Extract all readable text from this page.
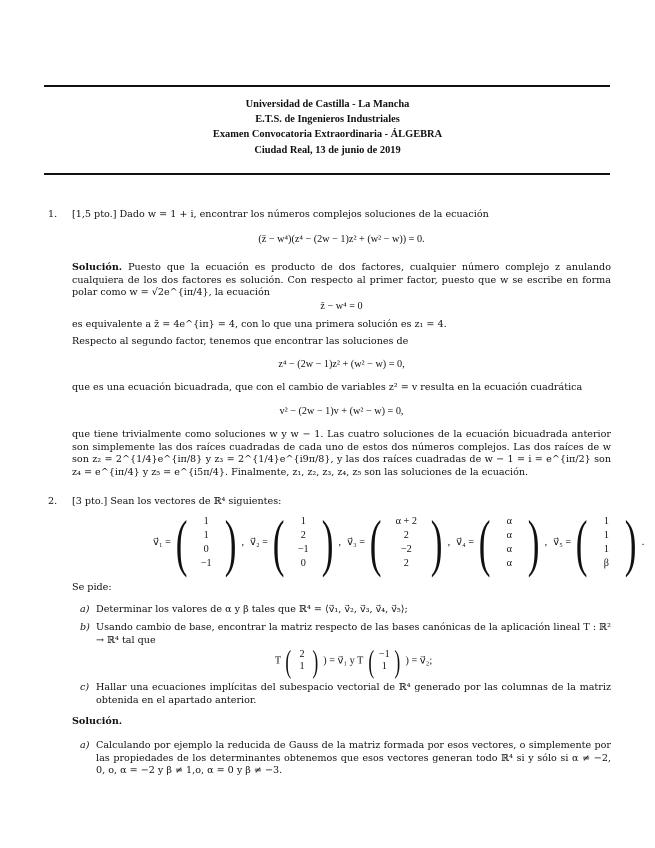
Universidad de Castilla - La Mancha
E.T.S. de Ingenieros Industriales
Examen Convocatoria Extraordinaria - ÁLGEBRA
Ciudad Real, 13 de junio de 2019
1. [1,5 pto.] Dado w = 1 + i, encontrar los números complejos soluciones de la ecuación
(z̄ − w⁴)(z⁴ − (2w − 1)z² + (w² − w)) = 0.
Solución. Puesto que la ecuación es producto de dos factores, cualquier número complejo z anulando cualquiera de los dos factores es solución. Con respecto al primer factor, puesto que w se escribe en forma polar como w = √2e^{iπ/4}, la ecuación
z̄ − w⁴ = 0
es equivalente a z̄ = 4e^{iπ} = 4, con lo que una primera solución es z₁ = 4.
Respecto al segundo factor, tenemos que encontrar las soluciones de
z⁴ − (2w − 1)z² + (w² − w) = 0,
que es una ecuación bicuadrada, que con el cambio de variables z² = v resulta en la ecuación cuadrática
v² − (2w − 1)v + (w² − w) = 0,
que tiene trivialmente como soluciones w y w − 1. Las cuatro soluciones de la ecuación bicuadrada anterior son simplemente las dos raíces cuadradas de cada uno de estos dos números complejos. Las dos raíces de w son z₂ = 2^{1/4}e^{iπ/8} y z₃ = 2^{1/4}e^{i9π/8}, y las dos raíces cuadradas de w − 1 = i = e^{iπ/2} son z₄ = e^{iπ/4} y z₅ = e^{i5π/4}. Finalmente, z₁, z₂, z₃, z₄, z₅ son las soluciones de la ecuación.
2. [3 pto.] Sean los vectores de ℝ⁴ siguientes:
v⃗₁ = ( 1
1
0
−1 ) , v⃗₂ = ( 1
2
−1
0 ) , v⃗₃ = ( α + 2
2
−2
2 ) , v⃗₄ = ( α
α
α
α ) , v⃗₅ = ( 1
1
1
β ) .
Se pide:
a) Determinar los valores de α y β tales que ℝ⁴ = ⟨v⃗₁, v⃗₂, v⃗₃, v⃗₄, v⃗₅⟩;
b) Usando cambio de base, encontrar la matriz respecto de las bases canónicas de la aplicación lineal T : ℝ² → ℝ⁴ tal que
T ( 2
1 ) ) = v⃗₁ y T ( −1
1 ) ) = v⃗₂;
c) Hallar una ecuaciones implícitas del subespacio vectorial de ℝ⁴ generado por las columnas de la matriz obtenida en el apartado anterior.
Solución.
a) Calculando por ejemplo la reducida de Gauss de la matriz formada por esos vectores, o simplemente por las propiedades de los determinantes obtenemos que esos vectores generan todo ℝ⁴ si y sólo si α ≠ −2, 0, o, α = −2 y β ≠ 1,o, α = 0 y β ≠ −3.
